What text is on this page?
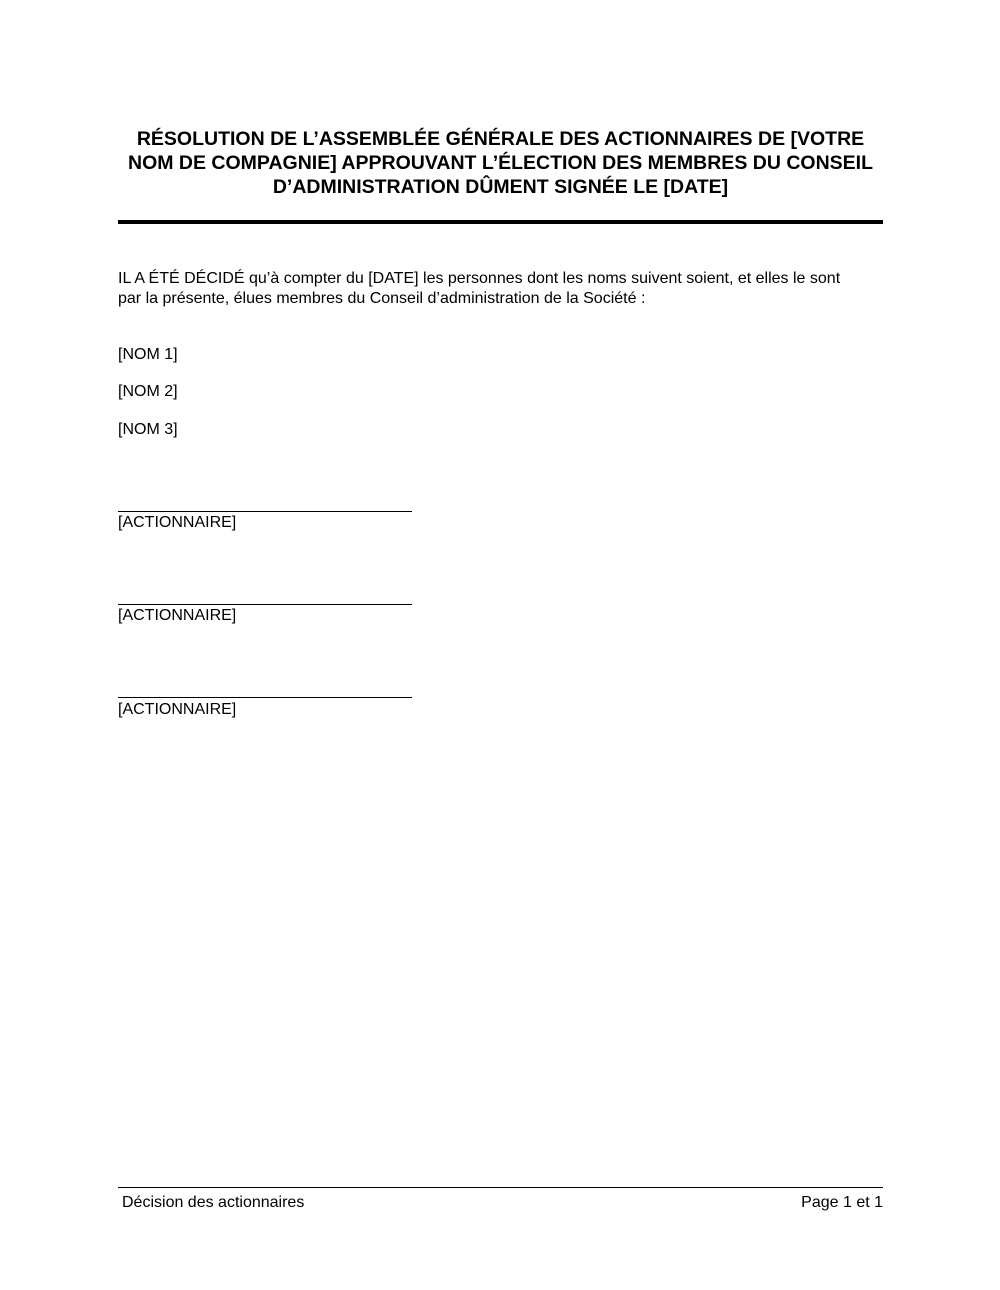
RÉSOLUTION DE L’ASSEMBLÉE GÉNÉRALE DES ACTIONNAIRES DE [VOTRE
NOM DE COMPAGNIE] APPROUVANT L’ÉLECTION DES MEMBRES DU CONSEIL
D’ADMINISTRATION DÛMENT SIGNÉE LE [DATE]
IL A ÉTÉ DÉCIDÉ qu’à compter du [DATE] les personnes dont les noms suivent soient, et elles le sont
par la présente, élues membres du Conseil d’administration de la Société :
[NOM 1]
[NOM 2]
[NOM 3]
[ACTIONNAIRE]
[ACTIONNAIRE]
[ACTIONNAIRE]
Décision des actionnaires	Page 1 et 1
